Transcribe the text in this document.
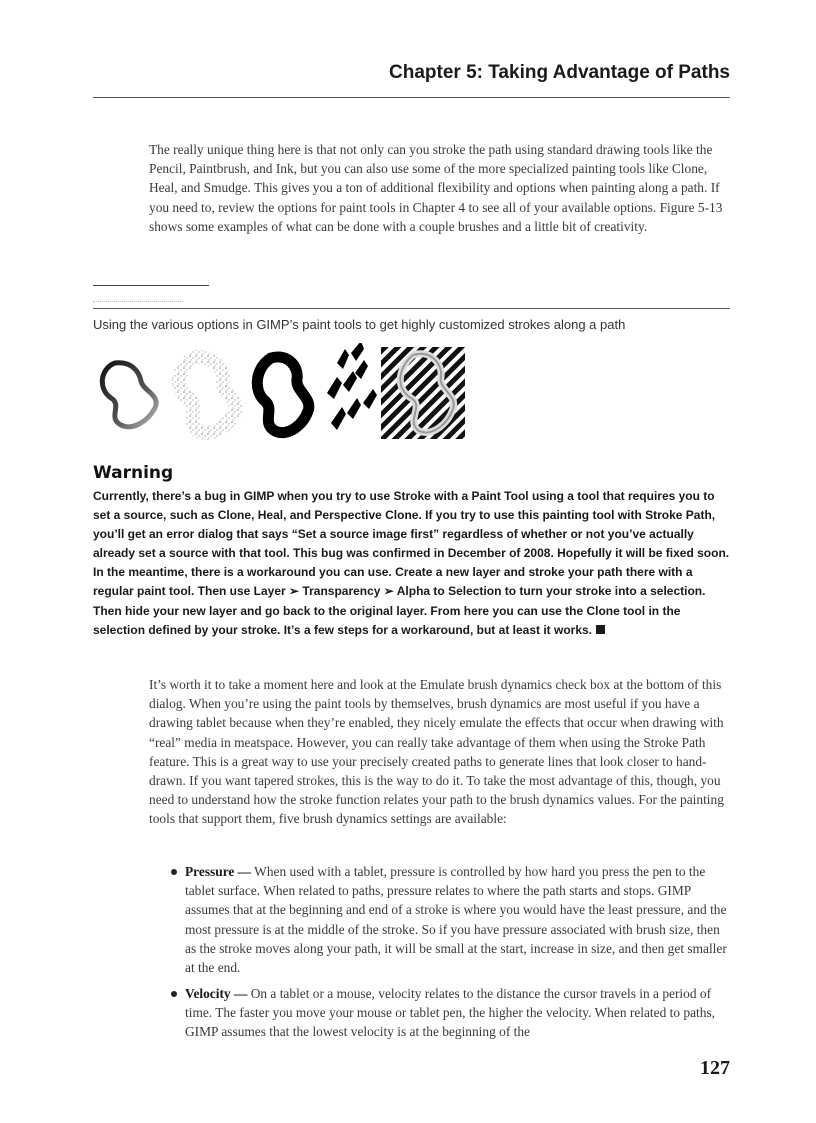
Chapter 5: Taking Advantage of Paths

The really unique thing here is that not only can you stroke the path using standard drawing tools like the Pencil, Paintbrush, and Ink, but you can also use some of the more specialized painting tools like Clone, Heal, and Smudge. This gives you a ton of additional flexibility and options when painting along a path. If you need to, review the options for paint tools in Chapter 4 to see all of your available options. Figure 5-13 shows some examples of what can be done with a couple brushes and a little bit of creativity.

Using the various options in GIMP’s paint tools to get highly customized strokes along a path
Warning

Currently, there’s a bug in GIMP when you try to use Stroke with a Paint Tool using a tool that requires you to set a source, such as Clone, Heal, and Perspective Clone. If you try to use this painting tool with Stroke Path, you’ll get an error dialog that says “Set a source image first” regardless of whether or not you’ve actually already set a source with that tool. This bug was confirmed in December of 2008. Hopefully it will be fixed soon. In the meantime, there is a workaround you can use. Create a new layer and stroke your path there with a regular paint tool. Then use Layer ➢ Transparency ➢ Alpha to Selection to turn your stroke into a selection. Then hide your new layer and go back to the original layer. From here you can use the Clone tool in the selection defined by your stroke. It’s a few steps for a workaround, but at least it works.

It’s worth it to take a moment here and look at the Emulate brush dynamics check box at the bottom of this dialog. When you’re using the paint tools by themselves, brush dynamics are most useful if you have a drawing tablet because when they’re enabled, they nicely emulate the effects that occur when drawing with “real” media in meatspace. However, you can really take advantage of them when using the Stroke Path feature. This is a great way to use your precisely created paths to generate lines that look closer to hand-drawn. If you want tapered strokes, this is the way to do it. To take the most advantage of this, though, you need to understand how the stroke function relates your path to the brush dynamics values. For the painting tools that support them, five brush dynamics settings are available:

Pressure — When used with a tablet, pressure is controlled by how hard you press the pen to the tablet surface. When related to paths, pressure relates to where the path starts and stops. GIMP assumes that at the beginning and end of a stroke is where you would have the least pressure, and the most pressure is at the middle of the stroke. So if you have pressure associated with brush size, then as the stroke moves along your path, it will be small at the start, increase in size, and then get smaller at the end.
Velocity — On a tablet or a mouse, velocity relates to the distance the cursor travels in a period of time. The faster you move your mouse or tablet pen, the higher the velocity. When related to paths, GIMP assumes that the lowest velocity is at the beginning of the
127
